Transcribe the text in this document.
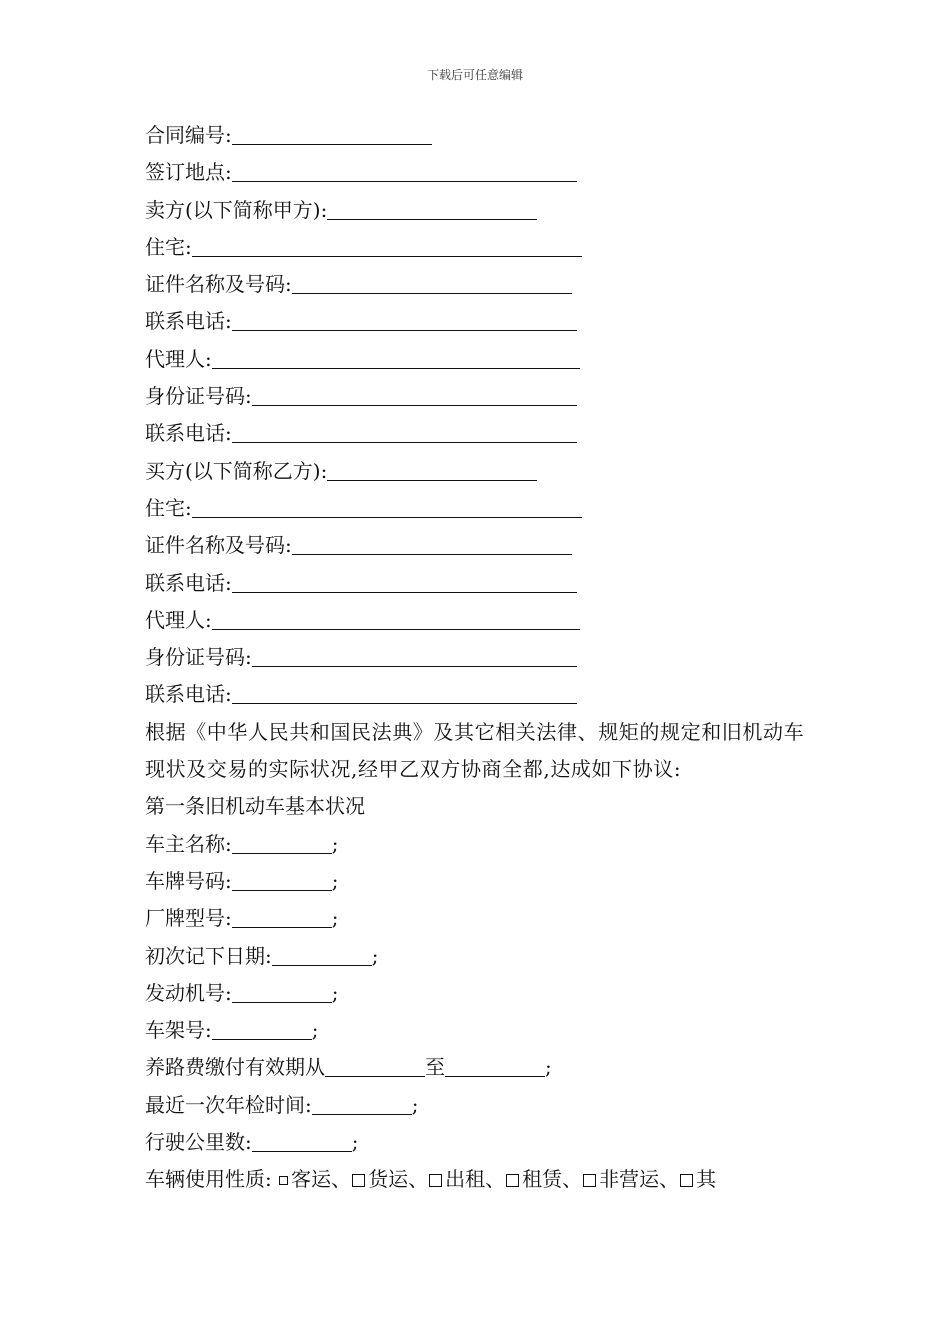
下载后可任意编辑
合同编号:
签订地点:
卖方(以下简称甲方):
住宅:
证件名称及号码:
联系电话:
代理人:
身份证号码:
联系电话:
买方(以下简称乙方):
住宅:
证件名称及号码:
联系电话:
代理人:
身份证号码:
联系电话:
根据《中华人民共和国民法典》及其它相关法律、规矩的规定和旧机动车现状及交易的实际状况,经甲乙双方协商全都,达成如下协议:
第一条旧机动车基本状况
车主名称:	;
车牌号码:	;
厂牌型号:	;
初次记下日期:	;
发动机号:	;
车架号:	;
养路费缴付有效期从	至	;
最近一次年检时间:	;
行驶公里数:	;
车辆使用性质: 客运、 货运、 出租、 租赁、 非营运、 其
